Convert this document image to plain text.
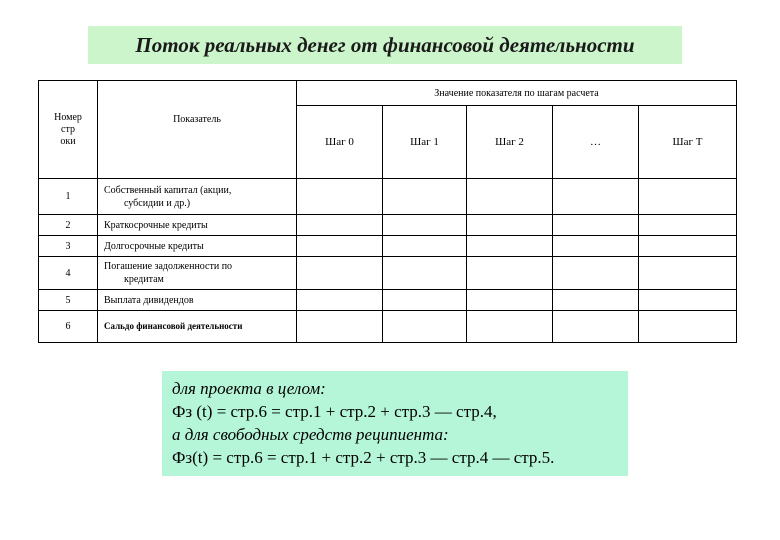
Поток реальных денег от финансовой деятельности
Номер
стр
оки	Показатель	Значение показателя по шагам расчета				
		Шаг 0	Шаг 1	Шаг 2	…	Шаг Т
1	Собственный капитал (акции,
субсидии и др.)					

2	Краткосрочные кредиты					
3	Долгосрочные кредиты					
4	Погашение задолженности по
кредитам					

5	Выплата дивидендов					
6	Сальдо финансовой деятельности					
для проекта в целом:
Фз (t) = стр.6 = стр.1 + стр.2 + стр.3 — стр.4,
а для свободных средств реципиента:
Фз(t) = стр.6 = стр.1 + стр.2 + стр.3 — стр.4 — стр.5.
